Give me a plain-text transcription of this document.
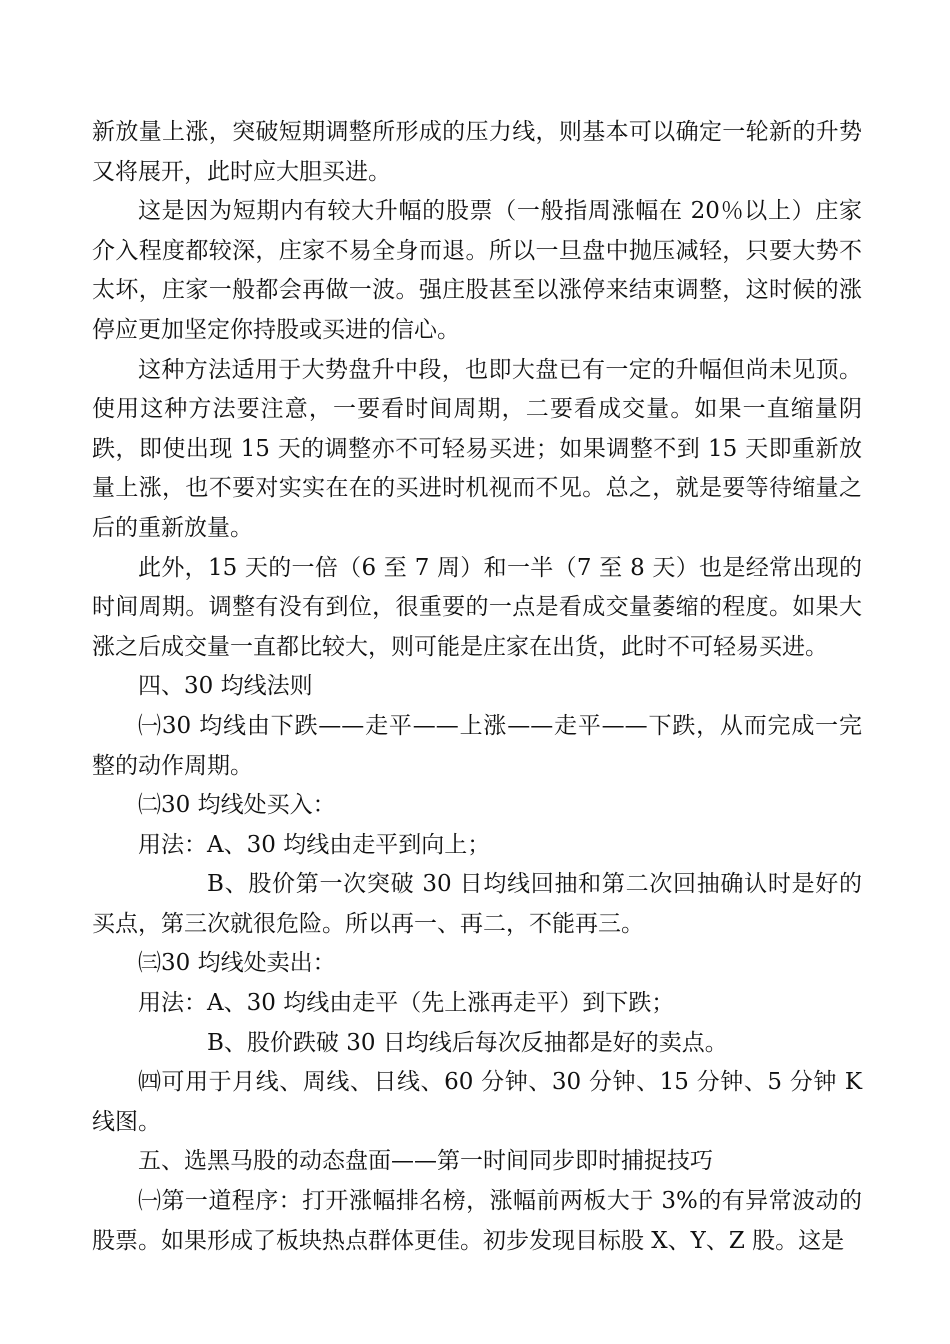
新放量上涨，突破短期调整所形成的压力线，则基本可以确定一轮新的升势又将展开，此时应大胆买进。

这是因为短期内有较大升幅的股票（一般指周涨幅在 20％以上）庄家介入程度都较深，庄家不易全身而退。所以一旦盘中抛压减轻，只要大势不太坏，庄家一般都会再做一波。强庄股甚至以涨停来结束调整，这时候的涨停应更加坚定你持股或买进的信心。

这种方法适用于大势盘升中段，也即大盘已有一定的升幅但尚未见顶。使用这种方法要注意，一要看时间周期，二要看成交量。如果一直缩量阴跌，即使出现 15 天的调整亦不可轻易买进；如果调整不到 15 天即重新放量上涨，也不要对实实在在的买进时机视而不见。总之，就是要等待缩量之后的重新放量。

此外，15 天的一倍（6 至 7 周）和一半（7 至 8 天）也是经常出现的时间周期。调整有没有到位，很重要的一点是看成交量萎缩的程度。如果大涨之后成交量一直都比较大，则可能是庄家在出货，此时不可轻易买进。

四、30 均线法则

㈠30 均线由下跌——走平——上涨——走平——下跌，从而完成一完整的动作周期。

㈡30 均线处买入：

用法：A、30 均线由走平到向上；

B、股价第一次突破 30 日均线回抽和第二次回抽确认时是好的买点，第三次就很危险。所以再一、再二，不能再三。

㈢30 均线处卖出：

用法：A、30 均线由走平（先上涨再走平）到下跌；

B、股价跌破 30 日均线后每次反抽都是好的卖点。

㈣可用于月线、周线、日线、60 分钟、30 分钟、15 分钟、5 分钟 K 线图。

五、选黑马股的动态盘面——第一时间同步即时捕捉技巧

㈠第一道程序：打开涨幅排名榜，涨幅前两板大于 3%的有异常波动的股票。如果形成了板块热点群体更佳。初步发现目标股 X、Y、Z 股。这是
